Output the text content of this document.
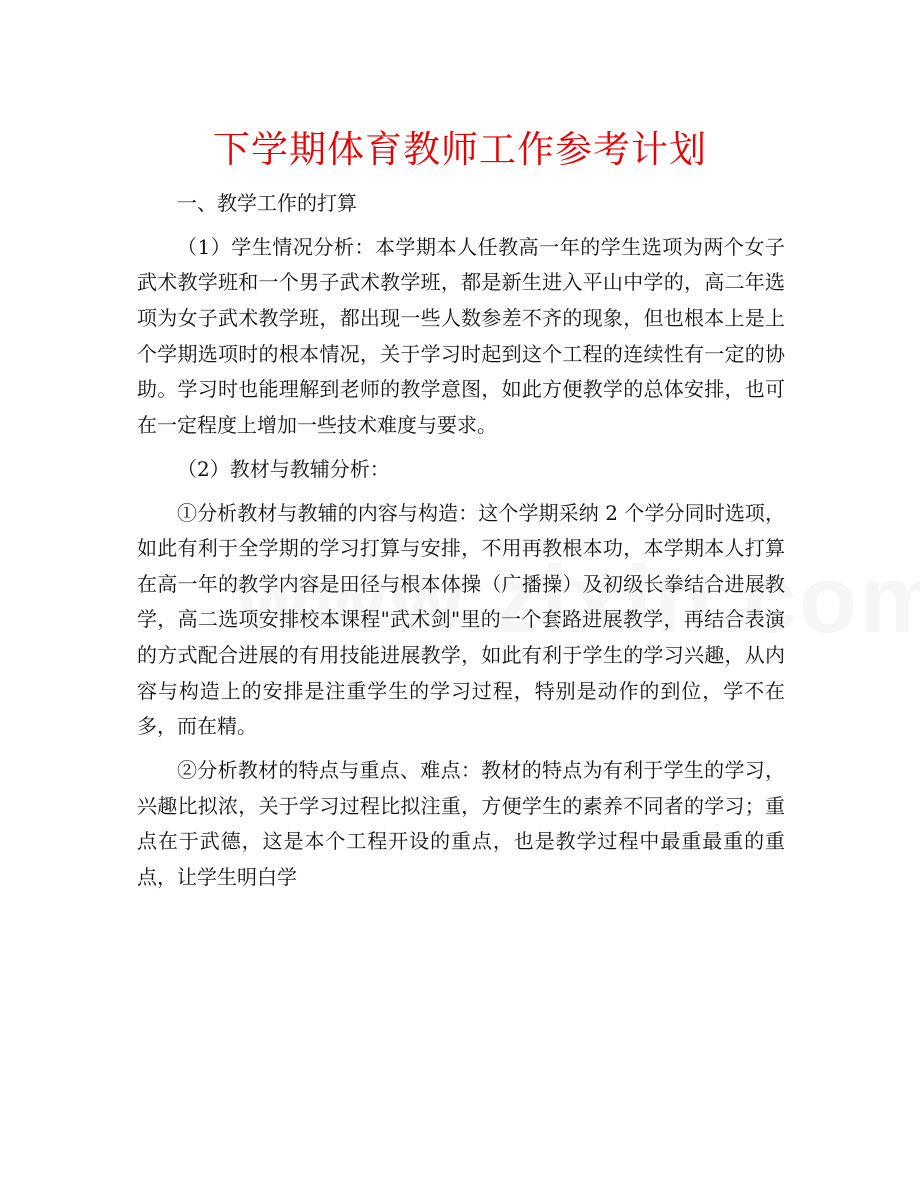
下学期体育教师工作参考计划

一、教学工作的打算

（1）学生情况分析：本学期本人任教高一年的学生选项为两个女子武术教学班和一个男子武术教学班，都是新生进入平山中学的，高二年选项为女子武术教学班，都出现一些人数参差不齐的现象，但也根本上是上个学期选项时的根本情况，关于学习时起到这个工程的连续性有一定的协助。学习时也能理解到老师的教学意图，如此方便教学的总体安排，也可在一定程度上增加一些技术难度与要求。

（2）教材与教辅分析：

①分析教材与教辅的内容与构造：这个学期采纳 2 个学分同时选项，如此有利于全学期的学习打算与安排，不用再教根本功，本学期本人打算在高一年的教学内容是田径与根本体操（广播操）及初级长拳结合进展教学，高二选项安排校本课程"武术剑"里的一个套路进展教学，再结合表演的方式配合进展的有用技能进展教学，如此有利于学生的学习兴趣，从内容与构造上的安排是注重学生的学习过程，特别是动作的到位，学不在多，而在精。

②分析教材的特点与重点、难点：教材的特点为有利于学生的学习，兴趣比拟浓，关于学习过程比拟注重，方便学生的素养不同者的学习；重点在于武德，这是本个工程开设的重点，也是教学过程中最重最重的重点，让学生明白学
